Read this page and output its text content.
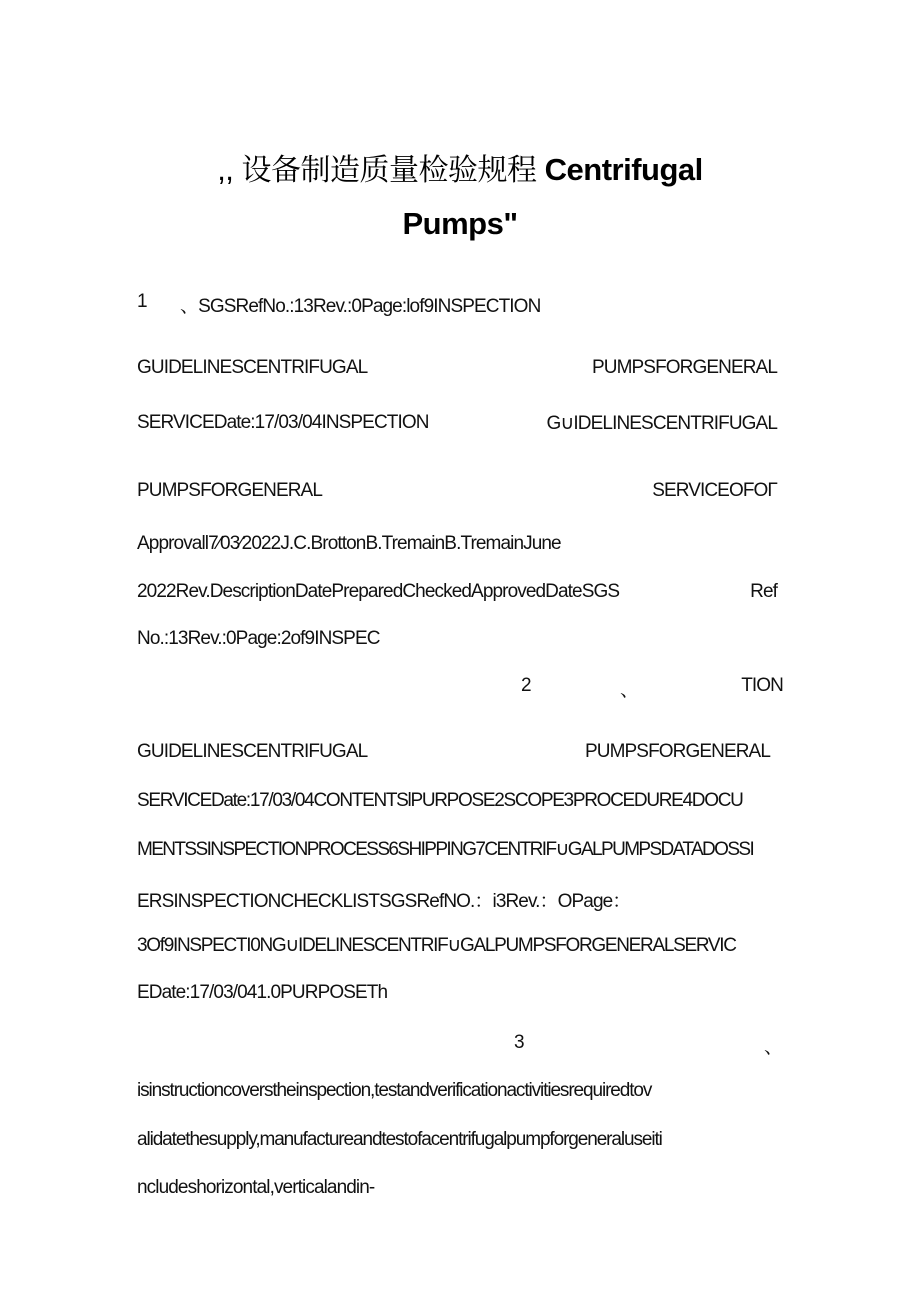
,, 设备制造质量检验规程 Centrifugal
Pumps"
1 、SGSRefNo.:13Rev.:0Page:lof9INSPECTION
GUIDELINESCENTRIFUGAL	PUMPSFORGENERAL
SERVICEDate:17/03/04INSPECTION	G∪IDELINESCENTRIFUGAL
PUMPSFORGENERAL	SERVICEOFOΓ
Approvall7∕03∕2022J.C.BrottonB.TremainB.TremainJune
2022Rev.DescriptionDatePreparedCheckedApprovedDateSGS	Ref
No.:13Rev.:0Page:2of9INSPEC
2	、	TION
GUIDELINESCENTRIFUGAL	PUMPSFORGENERAL
SERVICEDate:17/03/04CONTENTSlPURPOSE2SCOPE3PROCEDURE4DOCU
MENTSSINSPECTIONPROCESS6SHIPPING7CENTRIF∪GALPUMPSDATADOSSI
ERSINSPECTIONCHECKLISTSGSRefNO.：i3Rev.：OPage：
3Of9INSPECTI0NG∪IDELINESCENTRIF∪GALPUMPSFORGENERALSERVIC
EDate:17/03/041.0PURPOSETh
3	、
isinstructioncoverstheinspection,testandverificationactivitiesrequiredtov
alidatethesupply,manufactureandtestofacentrifugalpumpforgeneraluseiti
ncludeshorizontal,verticalandin-
